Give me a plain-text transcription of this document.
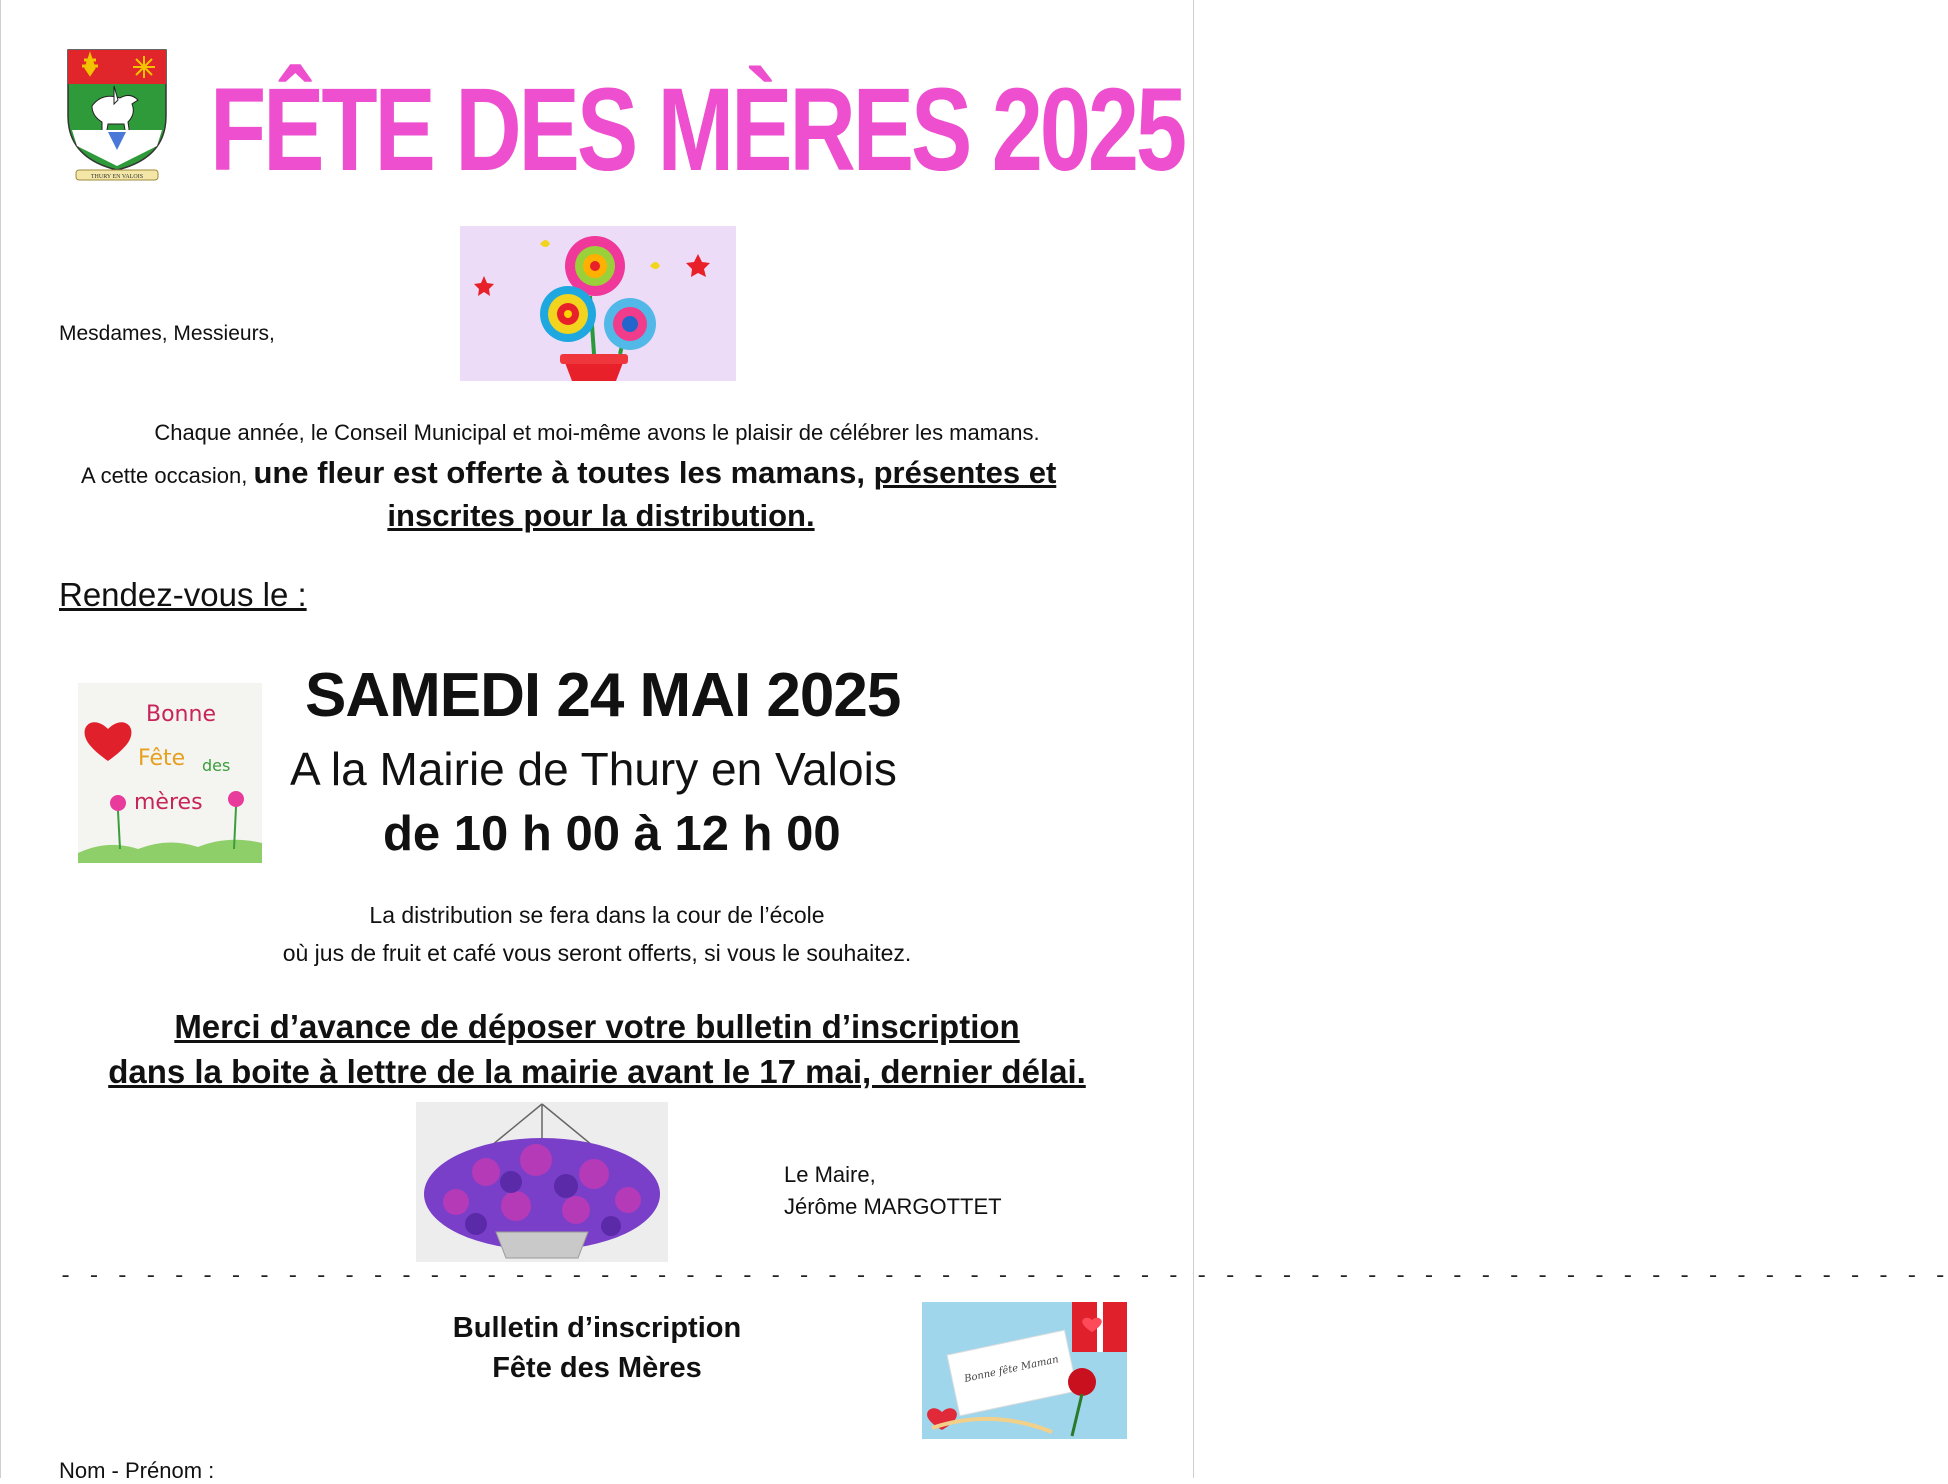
THURY EN VALOIS FÊTE DES MÈRES 2025
Mesdames, Messieurs,
Chaque année, le Conseil Municipal et moi-même avons le plaisir de célébrer les mamans.
A cette occasion, une fleur est offerte à toutes les mamans, présentes et
inscrites pour la distribution.
Rendez-vous le :
Bonne
Fête des
mères
SAMEDI 24 MAI 2025
A la Mairie de Thury en Valois
de 10 h 00 à 12 h 00
La distribution se fera dans la cour de l’école
où jus de fruit et café vous seront offerts, si vous le souhaitez.
Merci d’avance de déposer votre bulletin d’inscription
dans la boite à lettre de la mairie avant le 17 mai, dernier délai.
Le Maire,
Jérôme MARGOTTET
- - - - - - - - - - - - - - - - - - - - - - - - - - - - - - - - - - - - - - - - - - - - - - - - - - - - - - - - - - - - - - - - - - -
Bulletin d’inscription
Fête des Mères	Bonne fête Maman
Nom - Prénom :
